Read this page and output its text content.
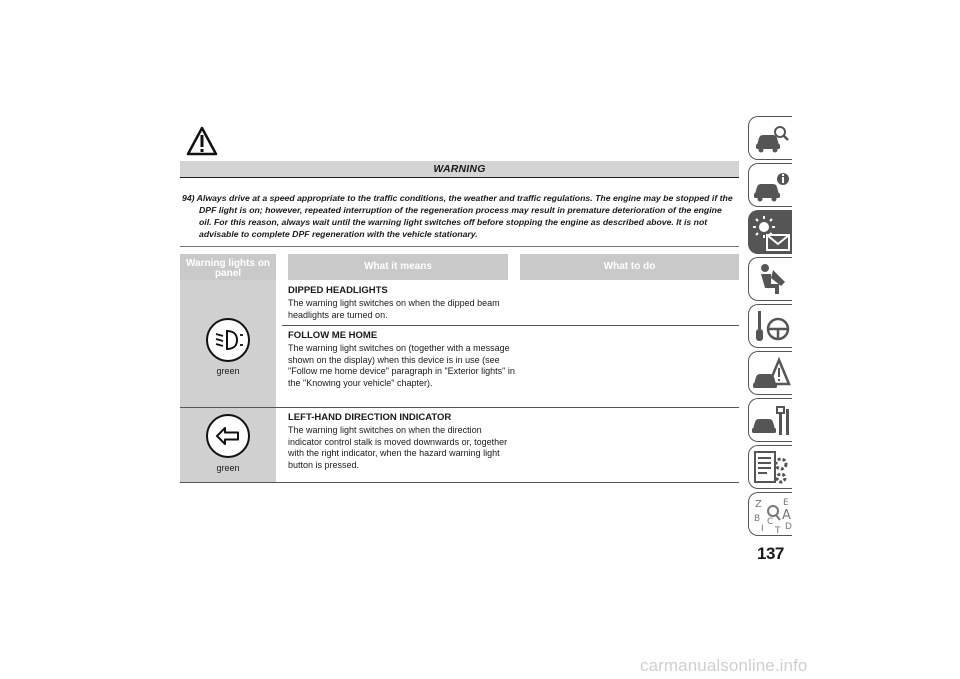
WARNING
94) Always drive at a speed appropriate to the traffic conditions, the weather and traffic regulations. The engine may be stopped if the DPF light is on; however, repeated interruption of the regeneration process may result in premature deterioration of the engine oil. For this reason, always wait until the warning light switches off before stopping the engine as described above. It is not advisable to complete DPF regeneration with the vehicle stationary.
Warning lights on panel
What it means	What to do
green
DIPPED HEADLIGHTS
The warning light switches on when the dipped beam headlights are turned on.
FOLLOW ME HOME
The warning light switches on (together with a message shown on the display) when this device is in use (see "Follow me home device" paragraph in "Exterior lights" in the "Knowing your vehicle" chapter).
green
LEFT-HAND DIRECTION INDICATOR
The warning light switches on when the direction indicator control stalk is moved downwards or, together with the right indicator, when the hazard warning light button is pressed.
Z
B
I
C
T
E
A
D
137
carmanualsonline.info
